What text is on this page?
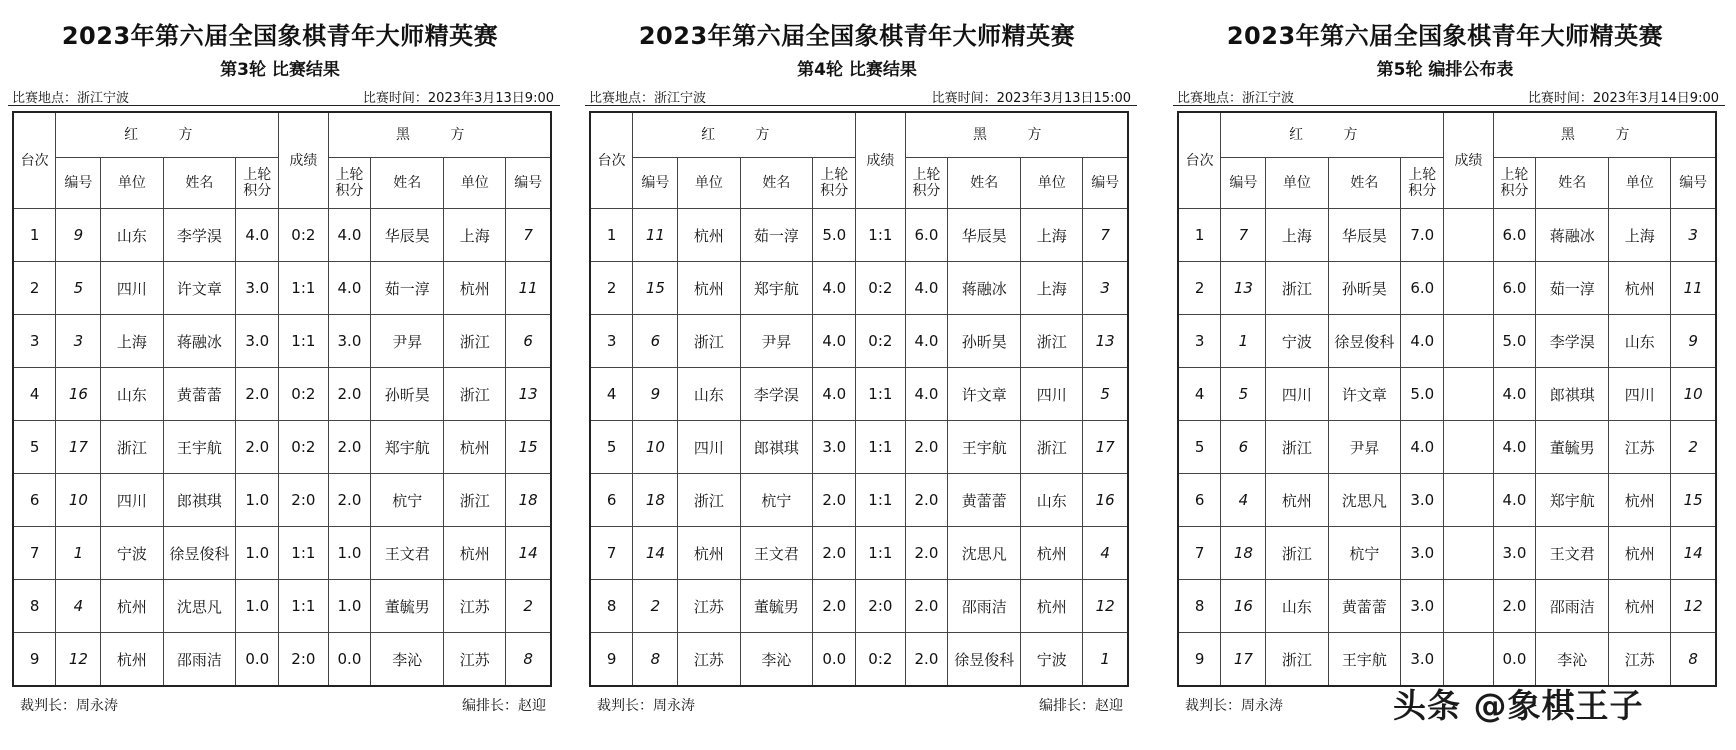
2023年第六届全国象棋青年大师精英赛
第3轮 比赛结果
比赛地点：浙江宁波	比赛时间：2023年3月13日9:00
台次	红 方				成绩	黑 方			
	编号	单位	姓名	上轮积分		上轮积分	姓名	单位	编号
1	9	山东	李学淏	4.0	0:2	4.0	华辰昊	上海	7
2	5	四川	许文章	3.0	1:1	4.0	茹一淳	杭州	11
3	3	上海	蒋融冰	3.0	1:1	3.0	尹昇	浙江	6
4	16	山东	黄蕾蕾	2.0	0:2	2.0	孙昕昊	浙江	13
5	17	浙江	王宇航	2.0	0:2	2.0	郑宇航	杭州	15
6	10	四川	郎祺琪	1.0	2:0	2.0	杭宁	浙江	18
7	1	宁波	徐昱俊科	1.0	1:1	1.0	王文君	杭州	14
8	4	杭州	沈思凡	1.0	1:1	1.0	董毓男	江苏	2
9	12	杭州	邵雨洁	0.0	2:0	0.0	李沁	江苏	8
裁判长：周永涛	编排长：赵迎
2023年第六届全国象棋青年大师精英赛
第4轮 比赛结果
比赛地点：浙江宁波	比赛时间：2023年3月13日15:00
台次	红 方				成绩	黑 方			
	编号	单位	姓名	上轮积分		上轮积分	姓名	单位	编号
1	11	杭州	茹一淳	5.0	1:1	6.0	华辰昊	上海	7
2	15	杭州	郑宇航	4.0	0:2	4.0	蒋融冰	上海	3
3	6	浙江	尹昇	4.0	0:2	4.0	孙昕昊	浙江	13
4	9	山东	李学淏	4.0	1:1	4.0	许文章	四川	5
5	10	四川	郎祺琪	3.0	1:1	2.0	王宇航	浙江	17
6	18	浙江	杭宁	2.0	1:1	2.0	黄蕾蕾	山东	16
7	14	杭州	王文君	2.0	1:1	2.0	沈思凡	杭州	4
8	2	江苏	董毓男	2.0	2:0	2.0	邵雨洁	杭州	12
9	8	江苏	李沁	0.0	0:2	2.0	徐昱俊科	宁波	1
裁判长：周永涛	编排长：赵迎
2023年第六届全国象棋青年大师精英赛
第5轮 编排公布表
比赛地点：浙江宁波	比赛时间：2023年3月14日9:00
台次	红 方				成绩	黑 方			
	编号	单位	姓名	上轮积分		上轮积分	姓名	单位	编号
1	7	上海	华辰昊	7.0		6.0	蒋融冰	上海	3
2	13	浙江	孙昕昊	6.0		6.0	茹一淳	杭州	11
3	1	宁波	徐昱俊科	4.0		5.0	李学淏	山东	9
4	5	四川	许文章	5.0		4.0	郎祺琪	四川	10
5	6	浙江	尹昇	4.0		4.0	董毓男	江苏	2
6	4	杭州	沈思凡	3.0		4.0	郑宇航	杭州	15
7	18	浙江	杭宁	3.0		3.0	王文君	杭州	14
8	16	山东	黄蕾蕾	3.0		2.0	邵雨洁	杭州	12
9	17	浙江	王宇航	3.0		0.0	李沁	江苏	8
裁判长：周永涛	头条 @象棋王子
